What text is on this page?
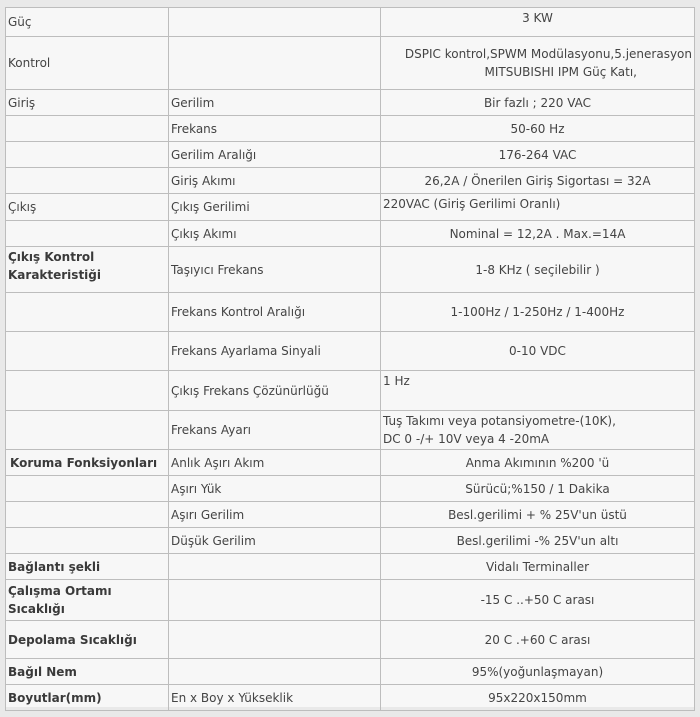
Güç		3 KW
Kontrol		DSPIC kontrol,SPWM Modülasyonu,5.jenerasyon
MITSUBISHI IPM Güç Katı,

Giriş	Gerilim	Bir fazlı ; 220 VAC
	Frekans	50-60 Hz
	Gerilim Aralığı	176-264 VAC
	Giriş Akımı	26,2A / Önerilen Giriş Sigortası = 32A
Çıkış	Çıkış Gerilimi	220VAC (Giriş Gerilimi Oranlı)
	Çıkış Akımı	Nominal = 12,2A . Max.=14A
Çıkış Kontrol
Karakteristiği	Taşıyıcı Frekans	1-8 KHz ( seçilebilir )
	Frekans Kontrol Aralığı	1-100Hz / 1-250Hz / 1-400Hz
	Frekans Ayarlama Sinyali	0-10 VDC
	Çıkış Frekans Çözünürlüğü	1 Hz
	Frekans Ayarı	Tuş Takımı veya potansiyometre-(10K),
DC 0 -/+ 10V veya 4 -20mA

Koruma Fonksiyonları	Anlık Aşırı Akım	Anma Akımının %200 'ü
	Aşırı Yük	Sürücü;%150 / 1 Dakika
	Aşırı Gerilim	Besl.gerilimi + % 25V'un üstü
	Düşük Gerilim	Besl.gerilimi -% 25V'un altı
Bağlantı şekli		Vidalı Terminaller
Çalışma Ortamı
Sıcaklığı		-15 C ..+50 C arası
Depolama Sıcaklığı		20 C .+60 C arası
Bağıl Nem		95%(yoğunlaşmayan)
Boyutlar(mm)	En x Boy x Yükseklik	95x220x150mm
